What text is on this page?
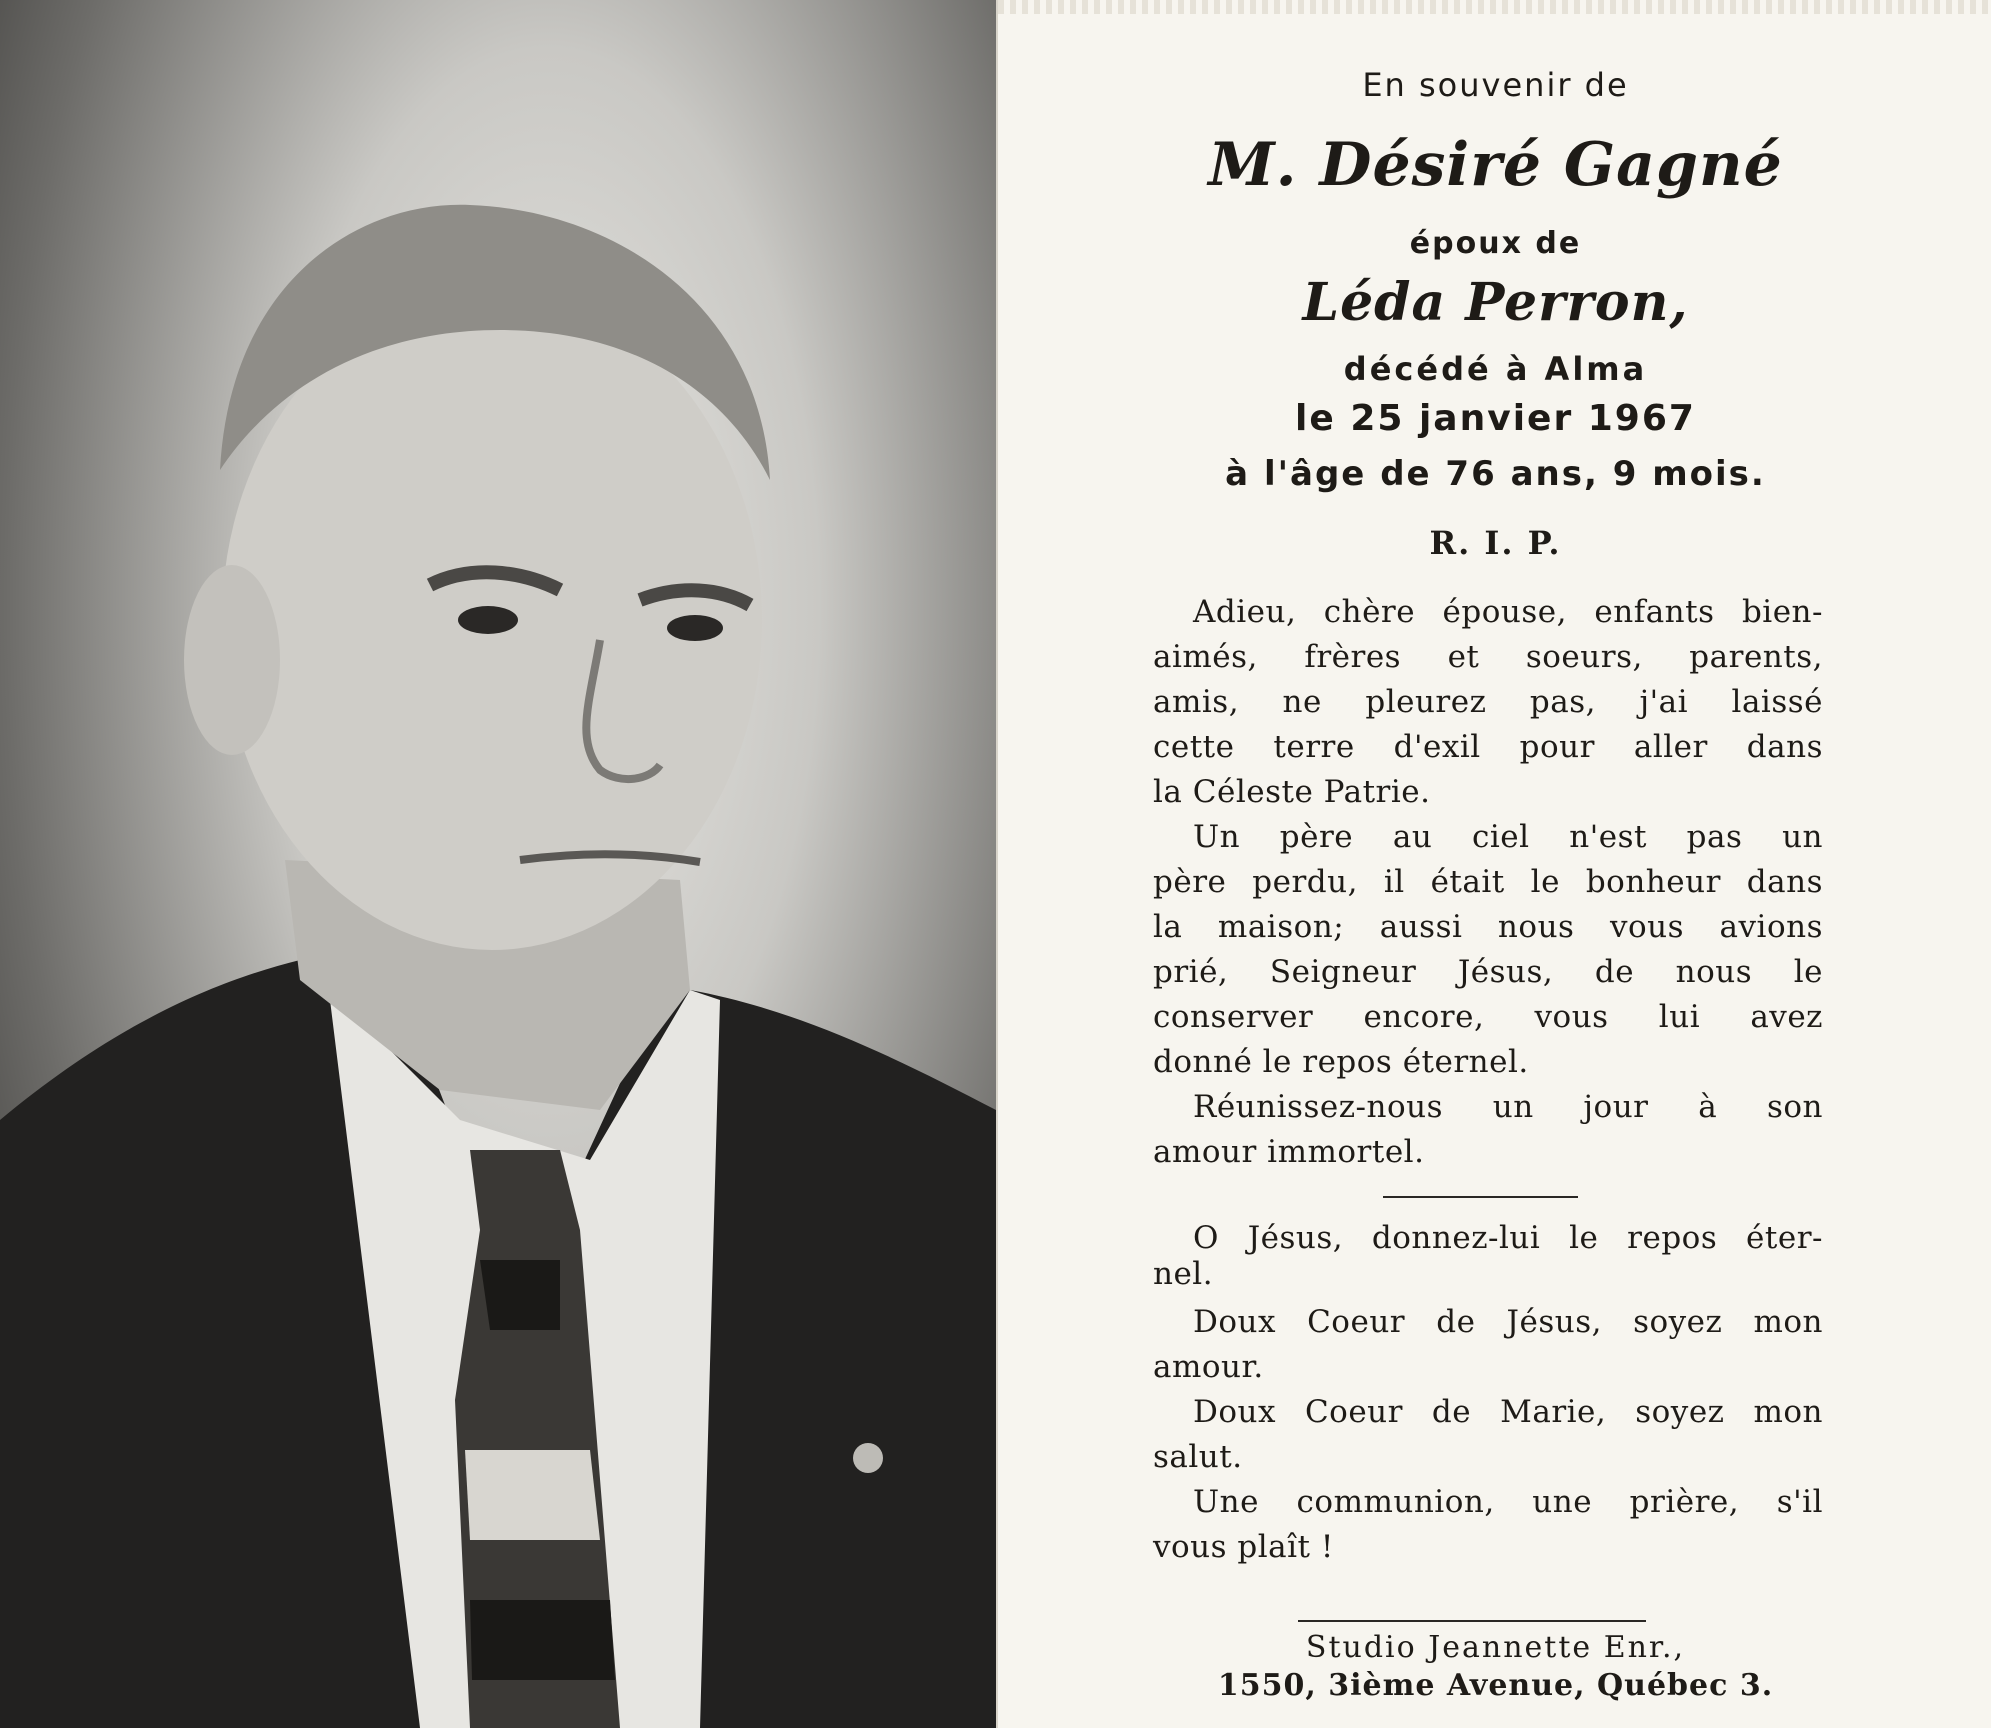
En souvenir de
M. Désiré Gagné
époux de
Léda Perron,
décédé à Alma
le 25 janvier 1967
à l'âge de 76 ans, 9 mois.
R. I. P.
Adieu, chère épouse, enfants bien-
aimés, frères et soeurs, parents,
amis, ne pleurez pas, j'ai laissé
cette terre d'exil pour aller dans
la Céleste Patrie.
Un père au ciel n'est pas un
père perdu, il était le bonheur dans
la maison; aussi nous vous avions
prié, Seigneur Jésus, de nous le
conserver encore, vous lui avez
donné le repos éternel.
Réunissez-nous un jour à son
amour immortel.
O Jésus, donnez-lui le repos éter-
nel.
Doux Coeur de Jésus, soyez mon
amour.
Doux Coeur de Marie, soyez mon
salut.
Une communion, une prière, s'il
vous plaît !
Studio Jeannette Enr.,
1550, 3ième Avenue, Québec 3.
